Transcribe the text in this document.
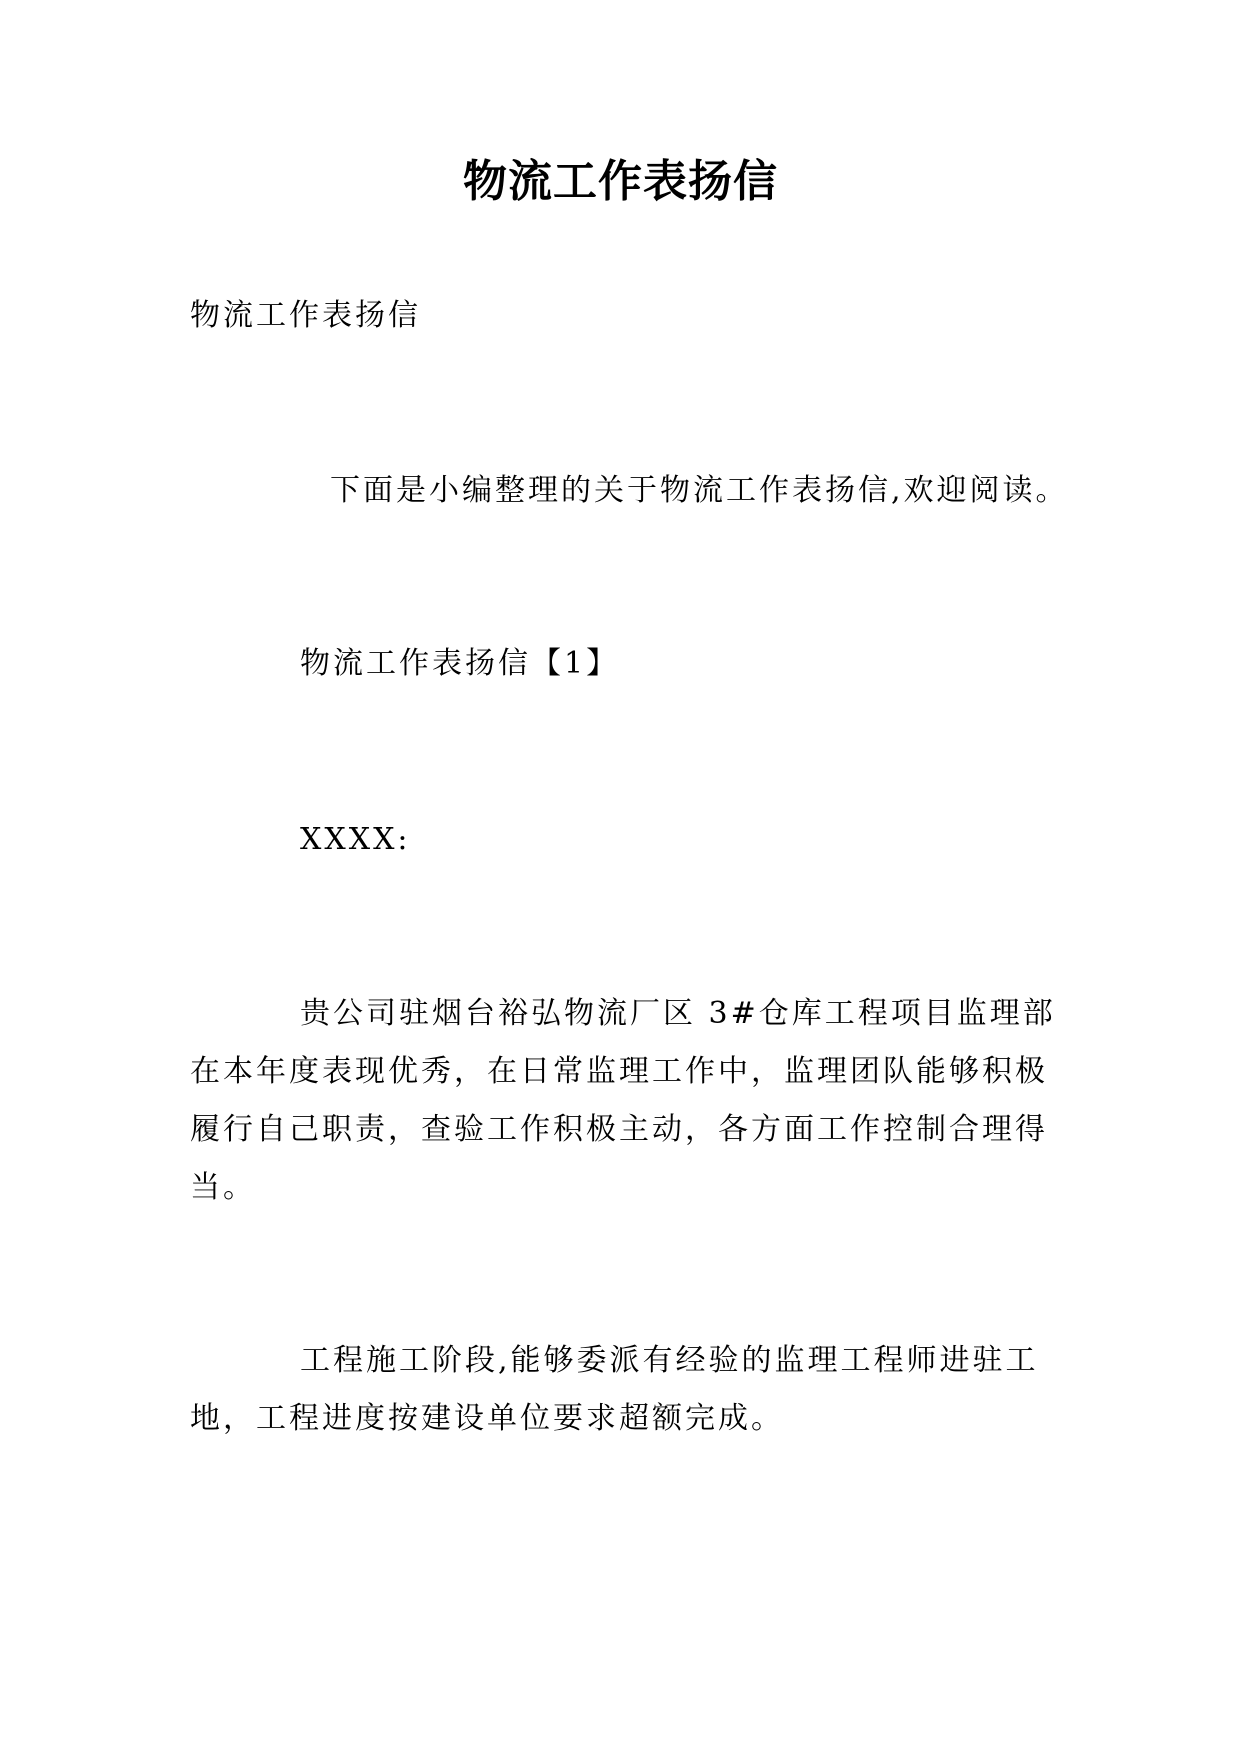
物流工作表扬信
物流工作表扬信
下面是小编整理的关于物流工作表扬信,欢迎阅读。
物流工作表扬信【1】
XXXX:
贵公司驻烟台裕弘物流厂区 3#仓库工程项目监理部
在本年度表现优秀，在日常监理工作中，监理团队能够积极
履行自己职责，查验工作积极主动，各方面工作控制合理得
当。
工程施工阶段,能够委派有经验的监理工程师进驻工
地，工程进度按建设单位要求超额完成。
